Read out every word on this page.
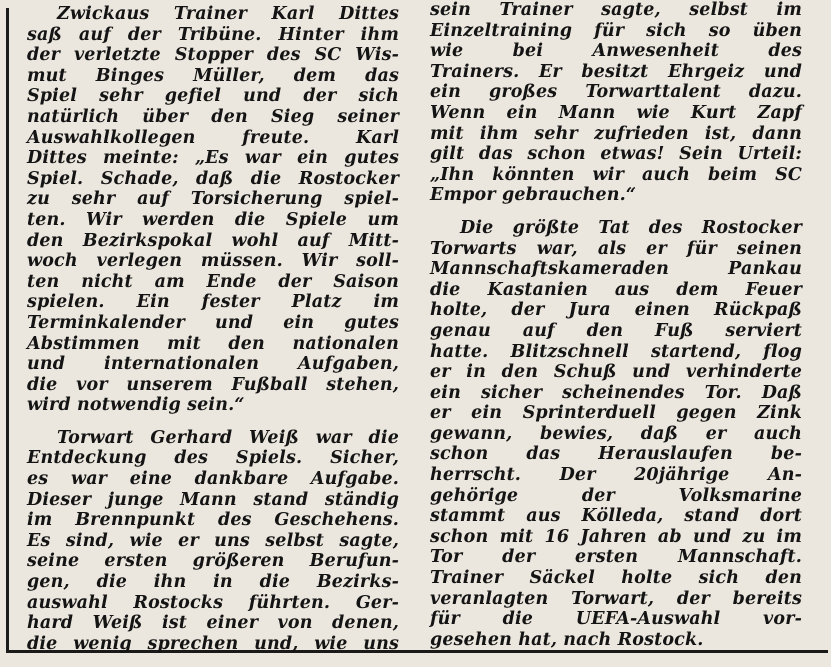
Zwickaus Trainer Karl Dittes
saß auf der Tribüne. Hinter ihm
der verletzte Stopper des SC Wis-
mut Binges Müller, dem das
Spiel sehr gefiel und der sich
natürlich über den Sieg seiner
Auswahlkollegen freute. Karl
Dittes meinte: „Es war ein gutes
Spiel. Schade, daß die Rostocker
zu sehr auf Torsicherung spiel-
ten. Wir werden die Spiele um
den Bezirkspokal wohl auf Mitt-
woch verlegen müssen. Wir soll-
ten nicht am Ende der Saison
spielen. Ein fester Platz im
Terminkalender und ein gutes
Abstimmen mit den nationalen
und internationalen Aufgaben,
die vor unserem Fußball stehen,
wird notwendig sein.“
Torwart Gerhard Weiß war die
Entdeckung des Spiels. Sicher,
es war eine dankbare Aufgabe.
Dieser junge Mann stand ständig
im Brennpunkt des Geschehens.
Es sind, wie er uns selbst sagte,
seine ersten größeren Berufun-
gen, die ihn in die Bezirks-
auswahl Rostocks führten. Ger-
hard Weiß ist einer von denen,
die wenig sprechen und, wie uns
sein Trainer sagte, selbst im
Einzeltraining für sich so üben
wie bei Anwesenheit des
Trainers. Er besitzt Ehrgeiz und
ein großes Torwarttalent dazu.
Wenn ein Mann wie Kurt Zapf
mit ihm sehr zufrieden ist, dann
gilt das schon etwas! Sein Urteil:
„Ihn könnten wir auch beim SC
Empor gebrauchen.“
Die größte Tat des Rostocker
Torwarts war, als er für seinen
Mannschaftskameraden Pankau
die Kastanien aus dem Feuer
holte, der Jura einen Rückpaß
genau auf den Fuß serviert
hatte. Blitzschnell startend, flog
er in den Schuß und verhinderte
ein sicher scheinendes Tor. Daß
er ein Sprinterduell gegen Zink
gewann, bewies, daß er auch
schon das Herauslaufen be-
herrscht. Der 20jährige An-
gehörige der Volksmarine
stammt aus Kölleda, stand dort
schon mit 16 Jahren ab und zu im
Tor der ersten Mannschaft.
Trainer Säckel holte sich den
veranlagten Torwart, der bereits
für die UEFA-Auswahl vor-
gesehen hat, nach Rostock.
